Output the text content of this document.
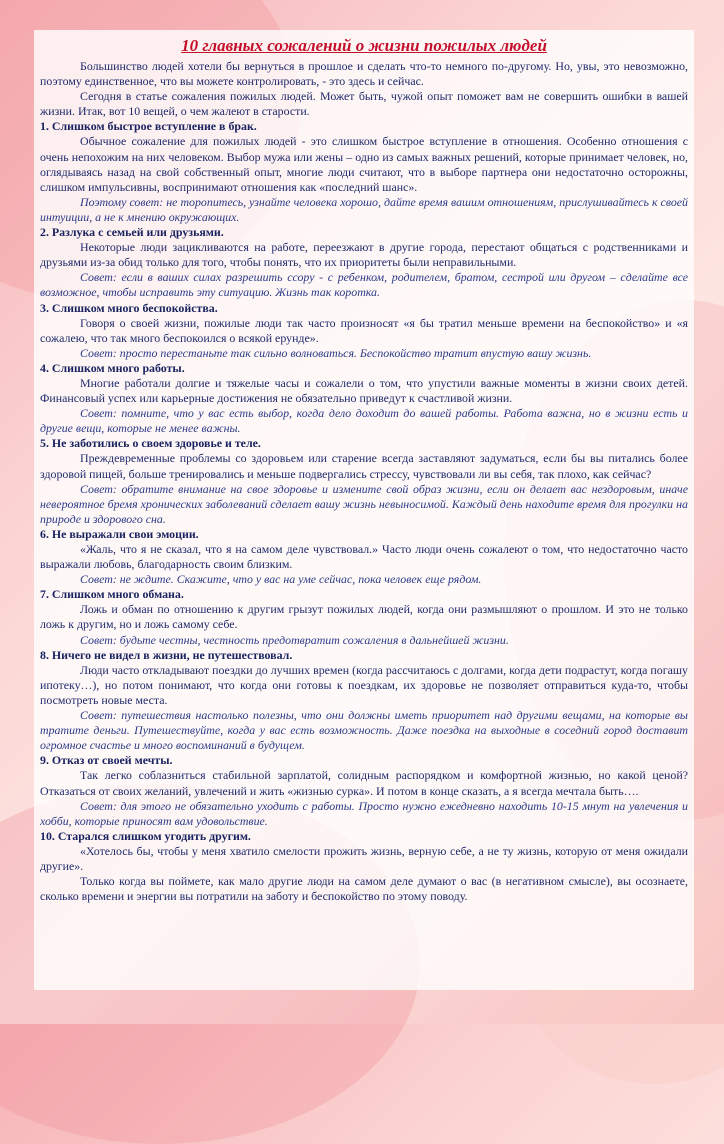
10 главных сожалений о жизни пожилых людей

Большинство людей хотели бы вернуться в прошлое и сделать что-то немного по-другому. Но, увы, это невозможно, поэтому единственное, что вы можете контролировать, - это здесь и сейчас.

Сегодня в статье сожаления пожилых людей. Может быть, чужой опыт поможет вам не совершить ошибки в вашей жизни. Итак, вот 10 вещей, о чем жалеют в старости.

1. Слишком быстрое вступление в брак.

Обычное сожаление для пожилых людей - это слишком быстрое вступление в отношения. Особенно отношения с очень непохожим на них человеком. Выбор мужа или жены – одно из самых важных решений, которые принимает человек, но, оглядываясь назад на свой собственный опыт, многие люди считают, что в выборе партнера они недостаточно осторожны, слишком импульсивны, воспринимают отношения как «последний шанс».

Поэтому совет: не торопитесь, узнайте человека хорошо, дайте время вашим отношениям, прислушивайтесь к своей интуиции, а не к мнению окружающих.

2. Разлука с семьей или друзьями.

Некоторые люди зацикливаются на работе, переезжают в другие города, перестают общаться с родственниками и друзьями из-за обид только для того, чтобы понять, что их приоритеты были неправильными.

Совет: если в ваших силах разрешить ссору - с ребенком, родителем, братом, сестрой или другом – сделайте все возможное, чтобы исправить эту ситуацию. Жизнь так коротка.

3. Слишком много беспокойства.

Говоря о своей жизни, пожилые люди так часто произносят «я бы тратил меньше времени на беспокойство» и «я сожалею, что так много беспокоился о всякой ерунде».

Совет: просто перестаньте так сильно волноваться. Беспокойство тратит впустую вашу жизнь.

4. Слишком много работы.

Многие работали долгие и тяжелые часы и сожалели о том, что упустили важные моменты в жизни своих детей. Финансовый успех или карьерные достижения не обязательно приведут к счастливой жизни.

Совет: помните, что у вас есть выбор, когда дело доходит до вашей работы. Работа важна, но в жизни есть и другие вещи, которые не менее важны.

5. Не заботились о своем здоровье и теле.

Преждевременные проблемы со здоровьем или старение всегда заставляют задуматься, если бы вы питались более здоровой пищей, больше тренировались и меньше подвергались стрессу, чувствовали ли вы себя, так плохо, как сейчас?

Совет: обратите внимание на свое здоровье и измените свой образ жизни, если он делает вас нездоровым, иначе невероятное бремя хронических заболеваний сделает вашу жизнь невыносимой. Каждый день находите время для прогулки на природе и здорового сна.

6. Не выражали свои эмоции.

«Жаль, что я не сказал, что я на самом деле чувствовал.» Часто люди очень сожалеют о том, что недостаточно часто выражали любовь, благодарность своим близким.

Совет: не ждите. Скажите, что у вас на уме сейчас, пока человек еще рядом.

7. Слишком много обмана.

Ложь и обман по отношению к другим грызут пожилых людей, когда они размышляют о прошлом. И это не только ложь к другим, но и ложь самому себе.

Совет: будьте честны, честность предотвратит сожаления в дальнейшей жизни.

8. Ничего не видел в жизни, не путешествовал.

Люди часто откладывают поездки до лучших времен (когда рассчитаюсь с долгами, когда дети подрастут, когда погашу ипотеку…), но потом понимают, что когда они готовы к поездкам, их здоровье не позволяет отправиться куда-то, чтобы посмотреть новые места.

Совет: путешествия настолько полезны, что они должны иметь приоритет над другими вещами, на которые вы тратите деньги. Путешествуйте, когда у вас есть возможность. Даже поездка на выходные в соседний город доставит огромное счастье и много воспоминаний в будущем.

9. Отказ от своей мечты.

Так легко соблазниться стабильной зарплатой, солидным распорядком и комфортной жизнью, но какой ценой? Отказаться от своих желаний, увлечений и жить «жизнью сурка». И потом в конце сказать, а я всегда мечтала быть….

Совет: для этого не обязательно уходить с работы. Просто нужно ежедневно находить 10-15 мнут на увлечения и хобби, которые приносят вам удовольствие.

10. Старался слишком угодить другим.

«Хотелось бы, чтобы у меня хватило смелости прожить жизнь, верную себе, а не ту жизнь, которую от меня ожидали другие».

Только когда вы поймете, как мало другие люди на самом деле думают о вас (в негативном смысле), вы осознаете, сколько времени и энергии вы потратили на заботу и беспокойство по этому поводу.
